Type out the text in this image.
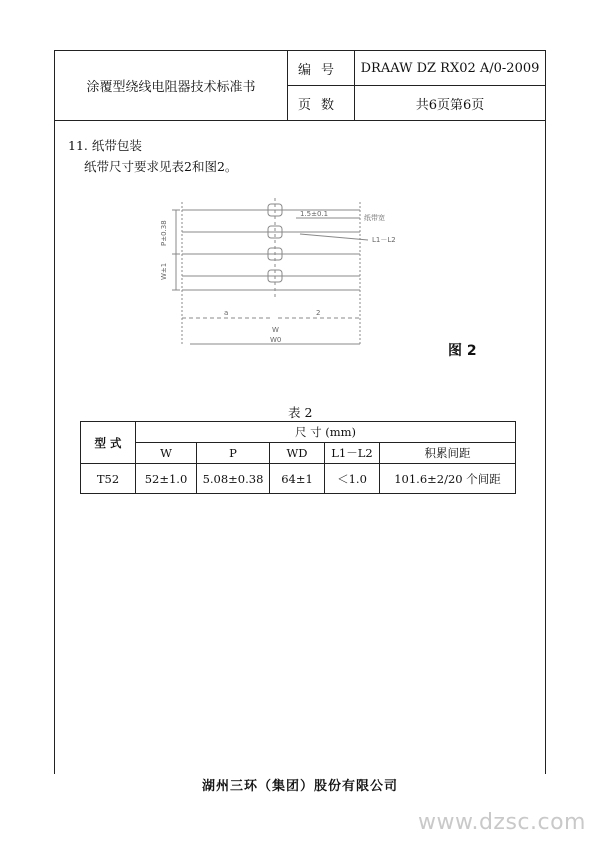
涂覆型绕线电阻器技术标准书	编号	DRAAW DZ RX02 A/0-2009
	页数	共6页第6页
11. 纸带包装
纸带尺寸要求见表2和图2。
1.5±0.1	纸带宽
L1－L2
P±0.38
W±1
a	2
W
W0
图 2
表 2
型 式	尺 寸 (mm)				
	W	P	WD	L1－L2	积累间距
T52	52±1.0	5.08±0.38	64±1	＜1.0	101.6±2/20 个间距
湖州三环（集团）股份有限公司
www.dzsc.com
